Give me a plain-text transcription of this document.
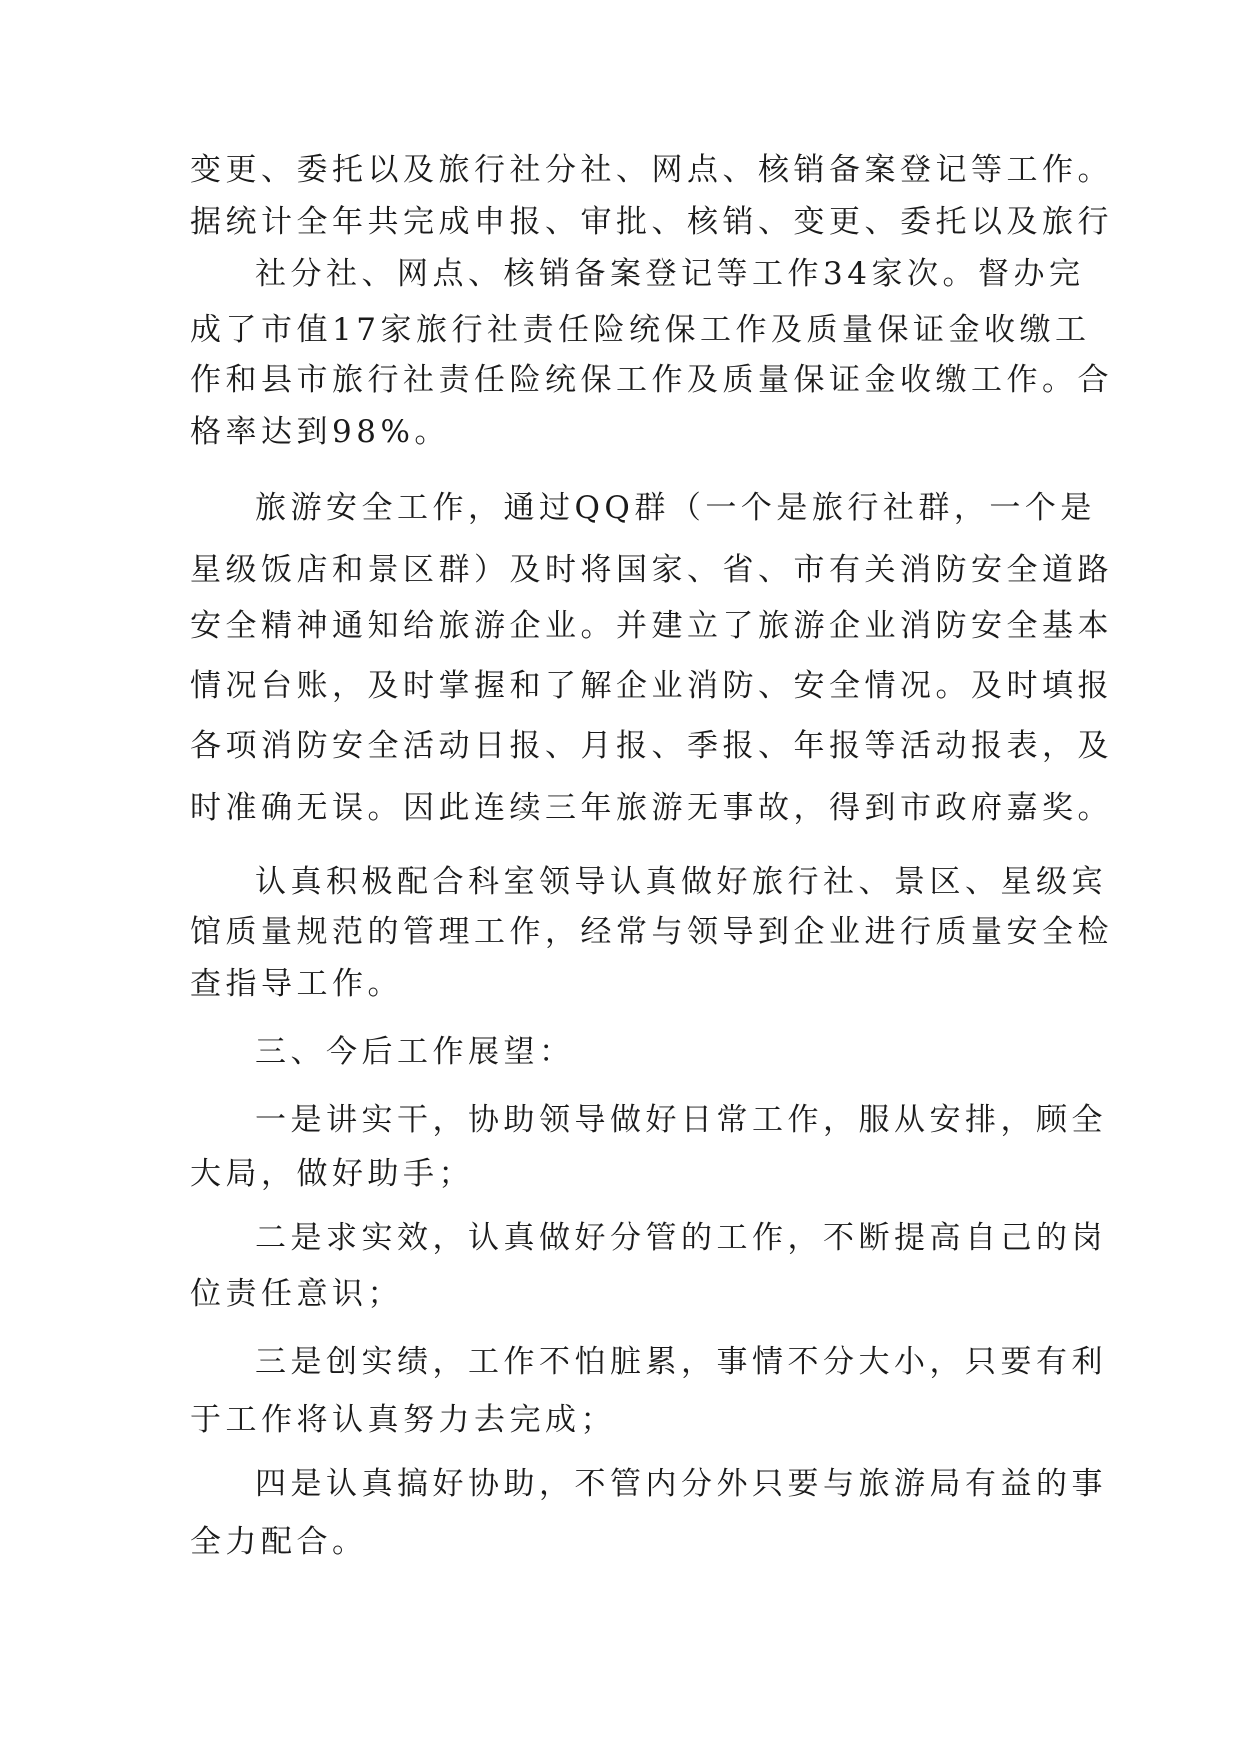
变更、委托以及旅行社分社、网点、核销备案登记等工作。
据统计全年共完成申报、审批、核销、变更、委托以及旅行
社分社、网点、核销备案登记等工作34家次。督办完
成了市值17家旅行社责任险统保工作及质量保证金收缴工
作和县市旅行社责任险统保工作及质量保证金收缴工作。合
格率达到98%。
旅游安全工作，通过QQ群（一个是旅行社群，一个是
星级饭店和景区群）及时将国家、省、市有关消防安全道路
安全精神通知给旅游企业。并建立了旅游企业消防安全基本
情况台账，及时掌握和了解企业消防、安全情况。及时填报
各项消防安全活动日报、月报、季报、年报等活动报表，及
时准确无误。因此连续三年旅游无事故，得到市政府嘉奖。
认真积极配合科室领导认真做好旅行社、景区、星级宾
馆质量规范的管理工作，经常与领导到企业进行质量安全检
查指导工作。
三、今后工作展望：
一是讲实干，协助领导做好日常工作，服从安排，顾全
大局，做好助手；
二是求实效，认真做好分管的工作，不断提高自己的岗
位责任意识；
三是创实绩，工作不怕脏累，事情不分大小，只要有利
于工作将认真努力去完成；
四是认真搞好协助，不管内分外只要与旅游局有益的事
全力配合。
